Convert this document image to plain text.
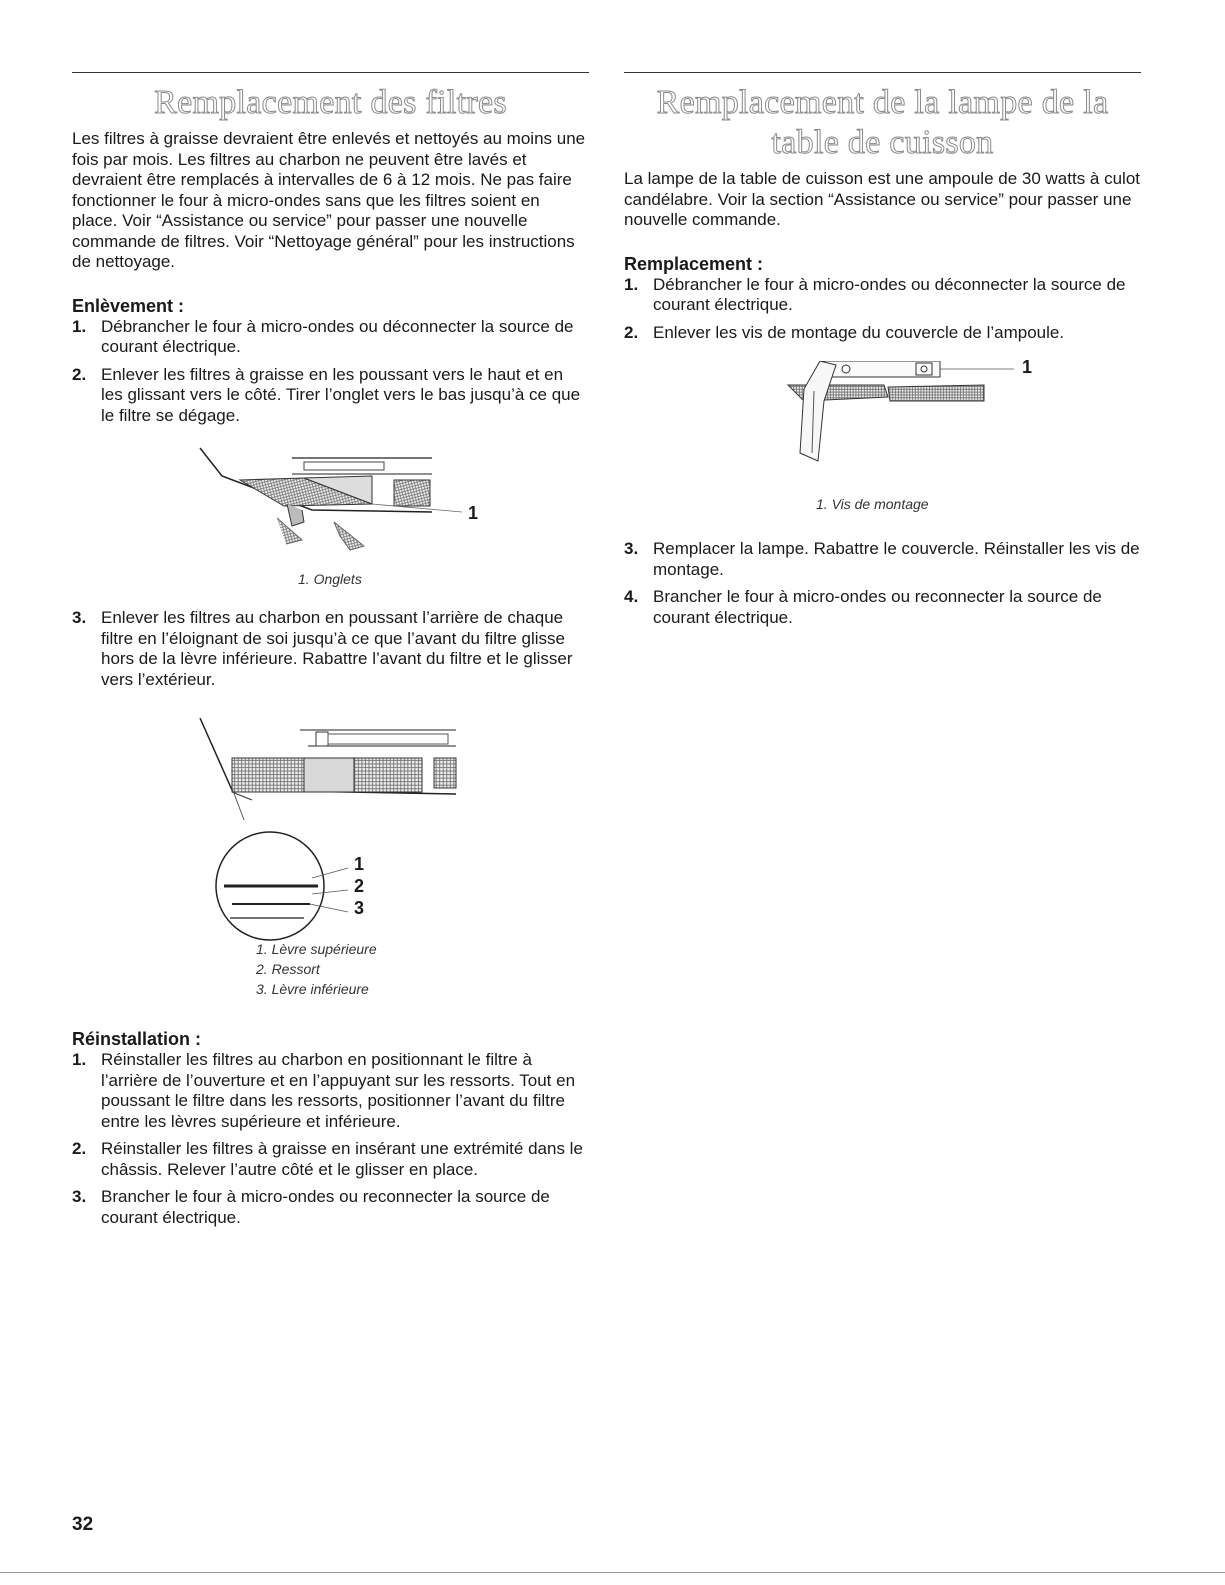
Remplacement des filtres

Les filtres à graisse devraient être enlevés et nettoyés au moins une fois par mois. Les filtres au charbon ne peuvent être lavés et devraient être remplacés à intervalles de 6 à 12 mois. Ne pas faire fonctionner le four à micro-ondes sans que les filtres soient en place. Voir “Assistance ou service” pour passer une nouvelle commande de filtres. Voir “Nettoyage général” pour les instructions de nettoyage.

Enlèvement :
1. Débrancher le four à micro-ondes ou déconnecter la source de courant électrique.
2. Enlever les filtres à graisse en les poussant vers le haut et en les glissant vers le côté. Tirer l’onglet vers le bas jusqu’à ce que le filtre se dégage.
1
1. Onglets
3. Enlever les filtres au charbon en poussant l’arrière de chaque filtre en l’éloignant de soi jusqu’à ce que l’avant du filtre glisse hors de la lèvre inférieure. Rabattre l’avant du filtre et le glisser vers l’extérieur.
1
2
3
1. Lèvre supérieure
2. Ressort
3. Lèvre inférieure
Réinstallation :
1. Réinstaller les filtres au charbon en positionnant le filtre à l’arrière de l’ouverture et en l’appuyant sur les ressorts. Tout en poussant le filtre dans les ressorts, positionner l’avant du filtre entre les lèvres supérieure et inférieure.
2. Réinstaller les filtres à graisse en insérant une extrémité dans le châssis. Relever l’autre côté et le glisser en place.
3. Brancher le four à micro-ondes ou reconnecter la source de courant électrique.
Remplacement de la lampe de la table de cuisson

La lampe de la table de cuisson est une ampoule de 30 watts à culot candélabre. Voir la section “Assistance ou service” pour passer une nouvelle commande.

Remplacement :
1. Débrancher le four à micro-ondes ou déconnecter la source de courant électrique.
2. Enlever les vis de montage du couvercle de l’ampoule.
1
1. Vis de montage
3. Remplacer la lampe. Rabattre le couvercle. Réinstaller les vis de montage.
4. Brancher le four à micro-ondes ou reconnecter la source de courant électrique.
32
